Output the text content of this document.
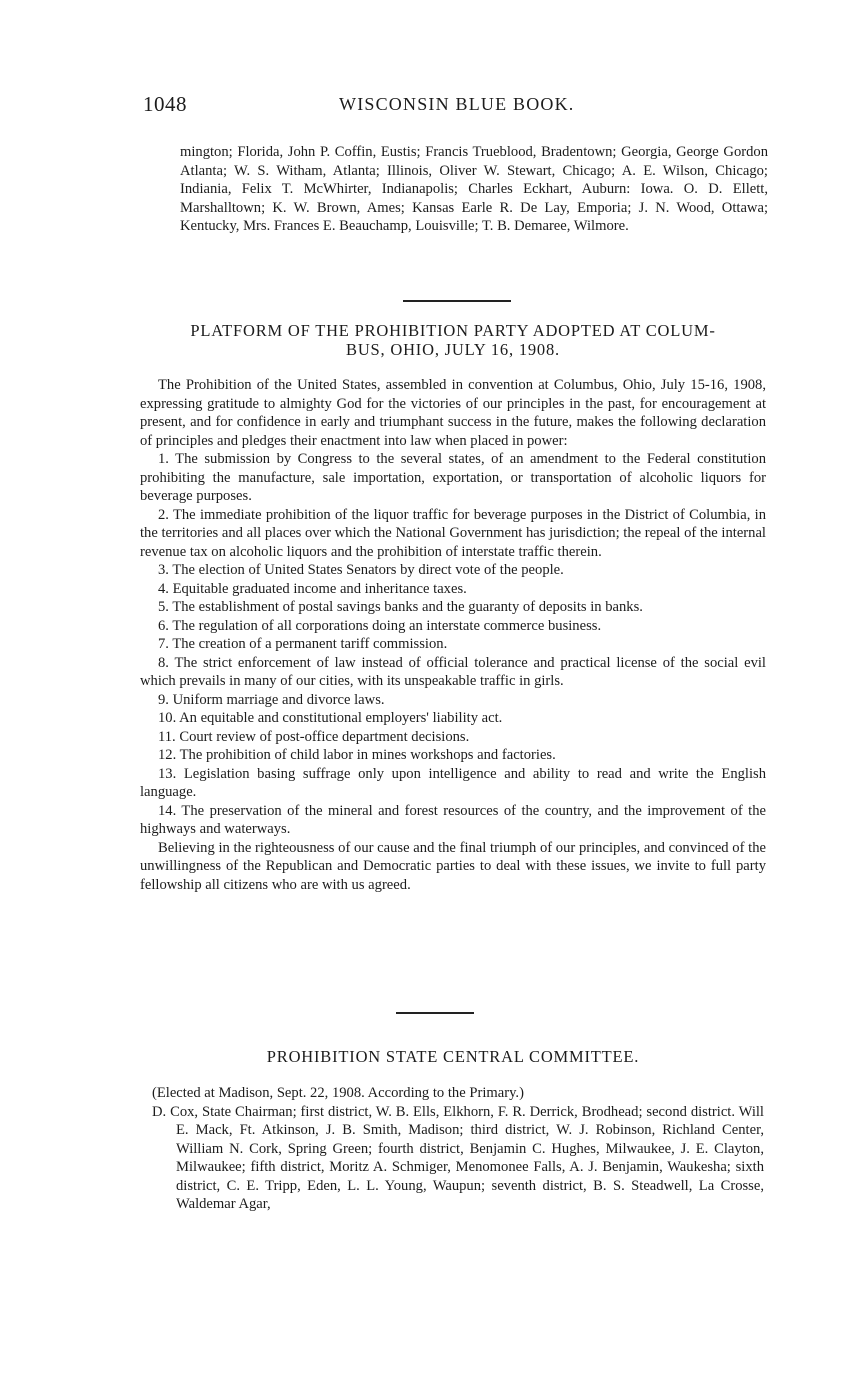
1048	WISCONSIN BLUE BOOK.

mington; Florida, John P. Coffin, Eustis; Francis Trueblood, Bradentown; Georgia, George Gordon Atlanta; W. S. Witham, Atlanta; Illinois, Oliver W. Stewart, Chicago; A. E. Wilson, Chicago; Indiania, Felix T. McWhirter, Indianapolis; Charles Eckhart, Auburn: Iowa. O. D. Ellett, Marshalltown; K. W. Brown, Ames; Kansas Earle R. De Lay, Emporia; J. N. Wood, Ottawa; Kentucky, Mrs. Frances E. Beauchamp, Louisville; T. B. Demaree, Wilmore.

PLATFORM OF THE PROHIBITION PARTY ADOPTED AT COLUM-
BUS, OHIO, JULY 16, 1908.

The Prohibition of the United States, assembled in convention at Columbus, Ohio, July 15-16, 1908, expressing gratitude to almighty God for the victories of our principles in the past, for encouragement at present, and for confidence in early and triumphant success in the future, makes the following declaration of principles and pledges their enactment into law when placed in power:

1. The submission by Congress to the several states, of an amendment to the Federal constitution prohibiting the manufacture, sale importation, exportation, or transportation of alcoholic liquors for beverage purposes.

2. The immediate prohibition of the liquor traffic for beverage purposes in the District of Columbia, in the territories and all places over which the National Government has jurisdiction; the repeal of the internal revenue tax on alcoholic liquors and the prohibition of interstate traffic therein.

3. The election of United States Senators by direct vote of the people.

4. Equitable graduated income and inheritance taxes.

5. The establishment of postal savings banks and the guaranty of deposits in banks.

6. The regulation of all corporations doing an interstate commerce business.

7. The creation of a permanent tariff commission.

8. The strict enforcement of law instead of official tolerance and practical license of the social evil which prevails in many of our cities, with its unspeakable traffic in girls.

9. Uniform marriage and divorce laws.

10. An equitable and constitutional employers' liability act.

11. Court review of post-office department decisions.

12. The prohibition of child labor in mines workshops and factories.

13. Legislation basing suffrage only upon intelligence and ability to read and write the English language.

14. The preservation of the mineral and forest resources of the country, and the improvement of the highways and waterways.

Believing in the righteousness of our cause and the final triumph of our principles, and convinced of the unwillingness of the Republican and Democratic parties to deal with these issues, we invite to full party fellowship all citizens who are with us agreed.

PROHIBITION STATE CENTRAL COMMITTEE.

(Elected at Madison, Sept. 22, 1908. According to the Primary.)

D. Cox, State Chairman; first district, W. B. Ells, Elkhorn, F. R. Derrick, Brodhead; second district. Will E. Mack, Ft. Atkinson, J. B. Smith, Madison; third district, W. J. Robinson, Richland Center, William N. Cork, Spring Green; fourth district, Benjamin C. Hughes, Milwaukee, J. E. Clayton, Milwaukee; fifth district, Moritz A. Schmiger, Menomonee Falls, A. J. Benjamin, Waukesha; sixth district, C. E. Tripp, Eden, L. L. Young, Waupun; seventh district, B. S. Steadwell, La Crosse, Waldemar Agar,
